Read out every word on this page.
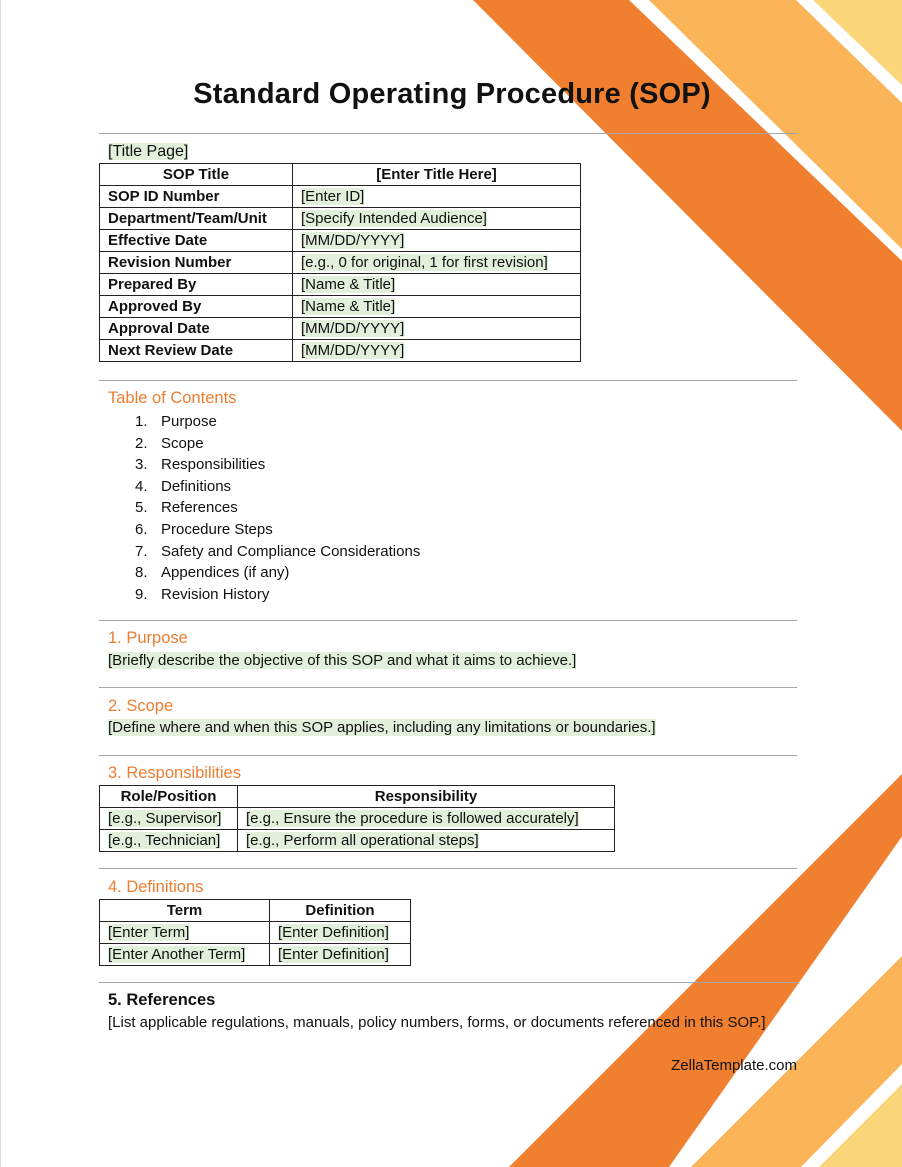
Standard Operating Procedure (SOP)
[Title Page]
SOP Title	[Enter Title Here]
SOP ID Number	[Enter ID]
Department/Team/Unit	[Specify Intended Audience]
Effective Date	[MM/DD/YYYY]
Revision Number	[e.g., 0 for original, 1 for first revision]
Prepared By	[Name & Title]
Approved By	[Name & Title]
Approval Date	[MM/DD/YYYY]
Next Review Date	[MM/DD/YYYY]
Table of Contents
1. Purpose
2. Scope
3. Responsibilities
4. Definitions
5. References
6. Procedure Steps
7. Safety and Compliance Considerations
8. Appendices (if any)
9. Revision History
1. Purpose
[Briefly describe the objective of this SOP and what it aims to achieve.]
2. Scope
[Define where and when this SOP applies, including any limitations or boundaries.]
3. Responsibilities
Role/Position	Responsibility
[e.g., Supervisor]	[e.g., Ensure the procedure is followed accurately]
[e.g., Technician]	[e.g., Perform all operational steps]
4. Definitions
Term	Definition
[Enter Term]	[Enter Definition]
[Enter Another Term]	[Enter Definition]
5. References
[List applicable regulations, manuals, policy numbers, forms, or documents referenced in this SOP.]
ZellaTemplate.com
